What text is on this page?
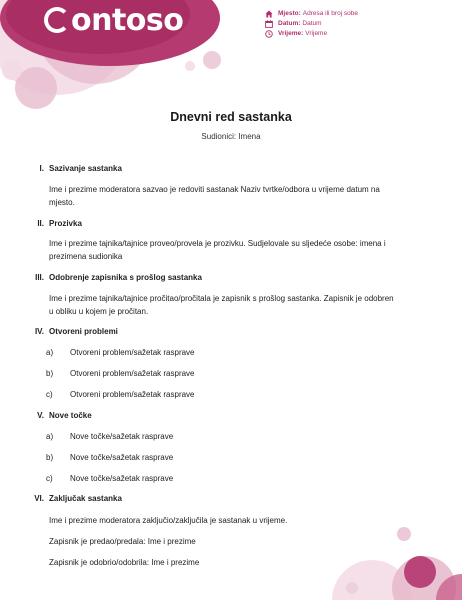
ontoso	Mjesto: Adresa ili broj sobe
Datum: Datum
Vrijeme: Vrijeme
Dnevni red sastanka
Sudionici: Imena
I. Sazivanje sastanka
Ime i prezime moderatora sazvao je redoviti sastanak Naziv tvrtke/odbora u vrijeme datum na
mjesto.
II. Prozivka
Ime i prezime tajnika/tajnice proveo/provela je prozivku. Sudjelovale su sljedeće osobe: imena i
prezimena sudionika
III. Odobrenje zapisnika s prošlog sastanka
Ime i prezime tajnika/tajnice pročitao/pročitala je zapisnik s prošlog sastanka. Zapisnik je odobren
u obliku u kojem je pročitan.
IV. Otvoreni problemi
a) Otvoreni problem/sažetak rasprave
b) Otvoreni problem/sažetak rasprave
c) Otvoreni problem/sažetak rasprave
V. Nove točke
a) Nove točke/sažetak rasprave
b) Nove točke/sažetak rasprave
c) Nove točke/sažetak rasprave
VI. Zaključak sastanka
Ime i prezime moderatora zaključio/zaključila je sastanak u vrijeme.
Zapisnik je predao/predala: Ime i prezime
Zapisnik je odobrio/odobrila: Ime i prezime
